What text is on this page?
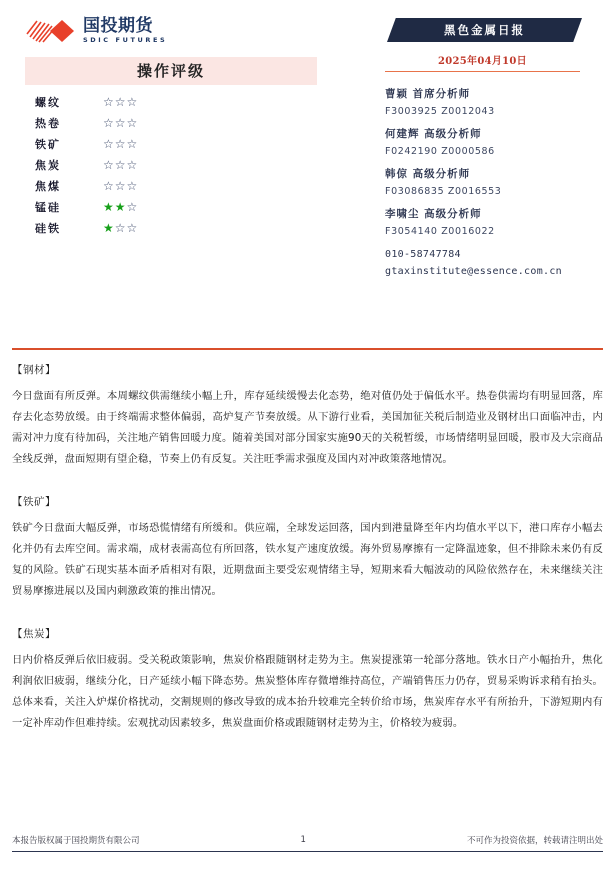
国投期货
SDIC FUTURES
操作评级
螺纹	☆☆☆
热卷	☆☆☆
铁矿	☆☆☆
焦炭	☆☆☆
焦煤	☆☆☆
锰硅	★★☆
硅铁	★☆☆
黑色金属日报
2025年04月10日
曹颖 首席分析师
F3003925 Z0012043
何建辉 高级分析师
F0242190 Z0000586
韩倞 高级分析师
F03086835 Z0016553
李啸尘 高级分析师
F3054140 Z0016022
010-58747784
gtaxinstitute@essence.com.cn
【钢材】
今日盘面有所反弹。本周螺纹供需继续小幅上升，库存延续缓慢去化态势，绝对值仍处于偏低水平。热卷供需均有明显回落，库存去化态势放缓。由于终端需求整体偏弱，高炉复产节奏放缓。从下游行业看，美国加征关税后制造业及钢材出口面临冲击，内需对冲力度有待加码，关注地产销售回暖力度。随着美国对部分国家实施90天的关税暂缓，市场情绪明显回暖，股市及大宗商品全线反弹，盘面短期有望企稳，节奏上仍有反复。关注旺季需求强度及国内对冲政策落地情况。
【铁矿】
铁矿今日盘面大幅反弹，市场恐慌情绪有所缓和。供应端，全球发运回落，国内到港量降至年内均值水平以下，港口库存小幅去化并仍有去库空间。需求端，成材表需高位有所回落，铁水复产速度放缓。海外贸易摩擦有一定降温迹象，但不排除未来仍有反复的风险。铁矿石现实基本面矛盾相对有限，近期盘面主要受宏观情绪主导，短期来看大幅波动的风险依然存在，未来继续关注贸易摩擦进展以及国内刺激政策的推出情况。
【焦炭】
日内价格反弹后依旧疲弱。受关税政策影响，焦炭价格跟随钢材走势为主。焦炭提涨第一轮部分落地。铁水日产小幅抬升，焦化利润依旧疲弱，继续分化，日产延续小幅下降态势。焦炭整体库存微增维持高位，产端销售压力仍存，贸易采购诉求稍有抬头。总体来看，关注入炉煤价格扰动，交割规则的修改导致的成本抬升较难完全转价给市场，焦炭库存水平有所抬升，下游短期内有一定补库动作但难持续。宏观扰动因素较多，焦炭盘面价格或跟随钢材走势为主，价格较为疲弱。
本报告版权属于国投期货有限公司	1	不可作为投资依据，转载请注明出处
